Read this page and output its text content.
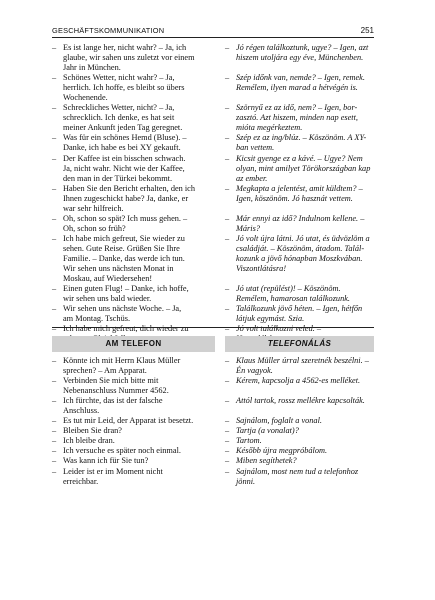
GESCHÄFTSKOMMUNIKATION	251
– Es ist lange her, nicht wahr? – Ja, ich
glaube, wir sahen uns zuletzt vor einem
Jahr in München.
– Schönes Wetter, nicht wahr? – Ja,
herrlich. Ich hoffe, es bleibt so übers
Wochenende.
– Schreckliches Wetter, nicht? – Ja,
schrecklich. Ich denke, es hat seit
meiner Ankunft jeden Tag geregnet.
– Was für ein schönes Hemd (Bluse). –
Danke, ich habe es bei XY gekauft.
– Der Kaffee ist ein bisschen schwach.
Ja, nicht wahr. Nicht wie der Kaffee,
den man in der Türkei bekommt.
– Haben Sie den Bericht erhalten, den ich
Ihnen zugeschickt habe? Ja, danke, er
war sehr hilfreich.
– Oh, schon so spät? Ich muss gehen. –
Oh, schon so früh?
– Ich habe mich gefreut, Sie wieder zu
sehen. Gute Reise. Grüßen Sie Ihre
Familie. – Danke, das werde ich tun.
Wir sehen uns nächsten Monat in
Moskau, auf Wiedersehen!
– Einen guten Flug! – Danke, ich hoffe,
wir sehen uns bald wieder.
– Wir sehen uns nächste Woche. – Ja,
am Montag. Tschüs.
– Ich habe mich gefreut, dich wieder zu
– Jó régen találkoztunk, ugye? – Igen, azt
hiszem utoljára egy éve, Münchenben.
– Szép időnk van, nemde? – Igen, remek.
Remélem, ilyen marad a hétvégén is.
– Szörnyű ez az idő, nem? – Igen, bor-
zasztó. Azt hiszem, minden nap esett,
mióta megérkeztem.
– Szép ez az ing/blúz. – Köszönöm. A XY-
ban vettem.
– Kicsit gyenge ez a kávé. – Ugye? Nem
olyan, mint amilyet Törökországban kap
az ember.
– Megkapta a jelentést, amit küldtem? –
Igen, köszönöm. Jó hasznát vettem.
– Már ennyi az idő? Indulnom kellene. –
Máris?
– Jó volt újra látni. Jó utat, és üdvözlöm a
családját. – Köszönöm, átadom. Talál-
kozunk a jövő hónapban Moszkvában.
Viszontlátásra!
– Jó utat (repülést)! – Köszönöm.
Remélem, hamarosan találkozunk.
– Találkozunk jövő héten. – Igen, hétfőn
látjuk egymást. Szia.
– Jó volt találkozni veled. –
AM TELEFON	TELEFONÁLÁS
– Könnte ich mit Herrn Klaus Müller
sprechen? – Am Apparat.
– Verbinden Sie mich bitte mit
Nebenanschluss Nummer 4562.
– Ich fürchte, das ist der falsche
Anschluss.
– Es tut mir Leid, der Apparat ist besetzt.
– Bleiben Sie dran?
– Ich bleibe dran.
– Ich versuche es später noch einmal.
– Was kann ich für Sie tun?
– Leider ist er im Moment nicht
erreichbar.
– Klaus Müller úrral szeretnék beszélni. –
Én vagyok.
– Kérem, kapcsolja a 4562-es melléket.
– Attól tartok, rossz mellékre kapcsolták.
– Sajnálom, foglalt a vonal.
– Tartja (a vonalat)?
– Tartom.
– Később újra megpróbálom.
– Miben segíthetek?
– Sajnálom, most nem tud a telefonhoz
jönni.
